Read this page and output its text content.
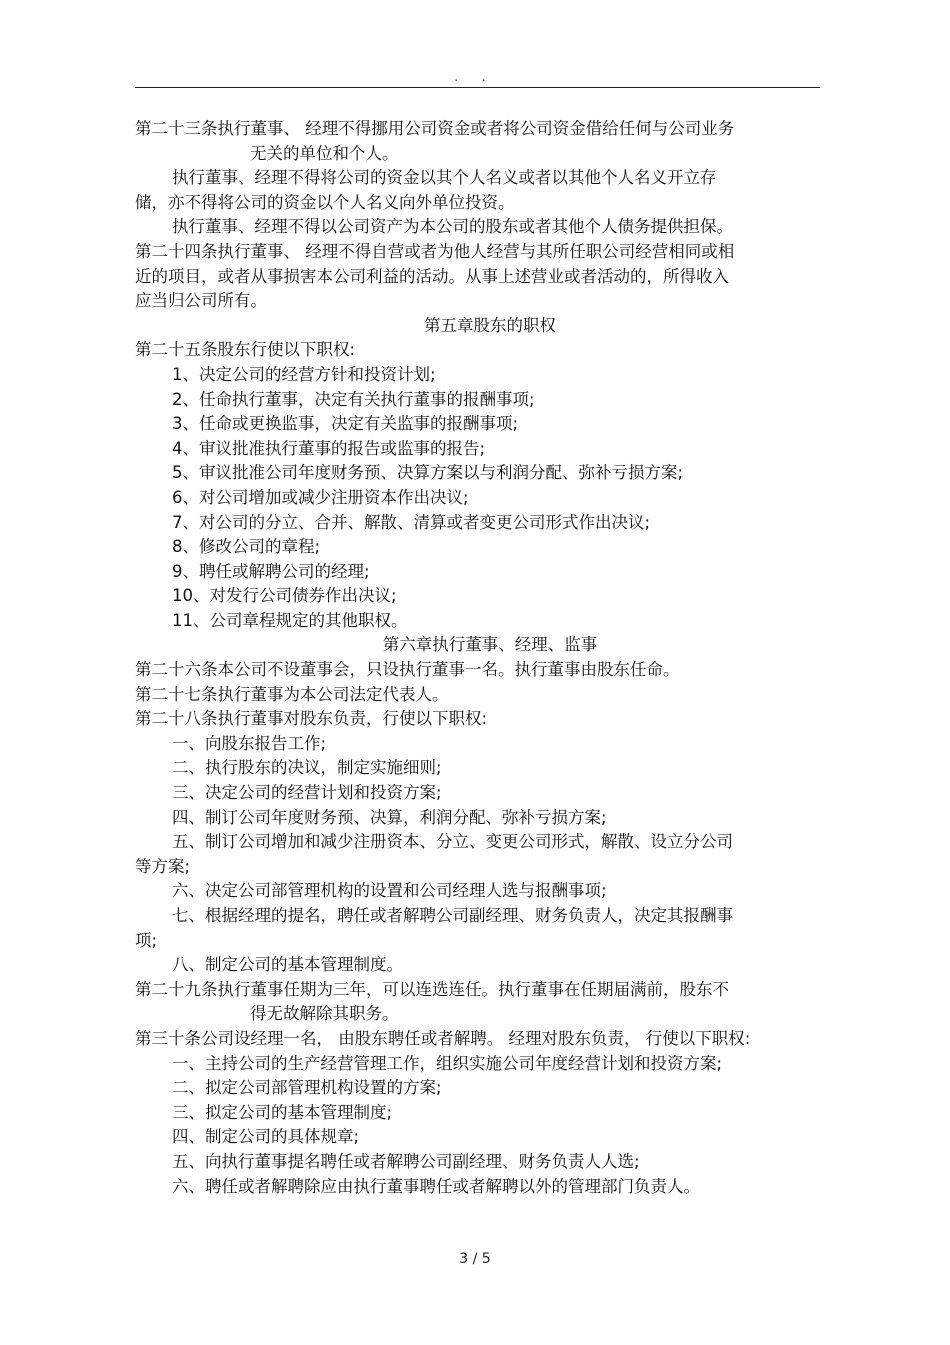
. .
第二十三条执行董事、 经理不得挪用公司资金或者将公司资金借给任何与公司业务
无关的单位和个人。
执行董事、经理不得将公司的资金以其个人名义或者以其他个人名义开立存
储，亦不得将公司的资金以个人名义向外单位投资。
执行董事、经理不得以公司资产为本公司的股东或者其他个人债务提供担保。
第二十四条执行董事、 经理不得自营或者为他人经营与其所任职公司经营相同或相
近的项目，或者从事损害本公司利益的活动。从事上述营业或者活动的，所得收入
应当归公司所有。
第五章股东的职权
第二十五条股东行使以下职权:
1、决定公司的经营方针和投资计划;
2、任命执行董事，决定有关执行董事的报酬事项;
3、任命或更换监事，决定有关监事的报酬事项;
4、审议批准执行董事的报告或监事的报告;
5、审议批准公司年度财务预、决算方案以与利润分配、弥补亏损方案;
6、对公司增加或减少注册资本作出决议;
7、对公司的分立、合并、解散、清算或者变更公司形式作出决议;
8、修改公司的章程;
9、聘任或解聘公司的经理;
10、对发行公司债券作出决议;
11、公司章程规定的其他职权。
第六章执行董事、经理、监事
第二十六条本公司不设董事会，只设执行董事一名。执行董事由股东任命。
第二十七条执行董事为本公司法定代表人。
第二十八条执行董事对股东负责，行使以下职权:
一、向股东报告工作;
二、执行股东的决议，制定实施细则;
三、决定公司的经营计划和投资方案;
四、制订公司年度财务预、决算，利润分配、弥补亏损方案;
五、制订公司增加和减少注册资本、分立、变更公司形式，解散、设立分公司
等方案;
六、决定公司部管理机构的设置和公司经理人选与报酬事项;
七、根据经理的提名，聘任或者解聘公司副经理、财务负责人，决定其报酬事
项;
八、制定公司的基本管理制度。
第二十九条执行董事任期为三年，可以连选连任。执行董事在任期届满前，股东不
得无故解除其职务。
第三十条公司设经理一名， 由股东聘任或者解聘。 经理对股东负责， 行使以下职权:
一、主持公司的生产经营管理工作，组织实施公司年度经营计划和投资方案;
二、拟定公司部管理机构设置的方案;
三、拟定公司的基本管理制度;
四、制定公司的具体规章;
五、向执行董事提名聘任或者解聘公司副经理、财务负责人人选;
六、聘任或者解聘除应由执行董事聘任或者解聘以外的管理部门负责人。
3 / 5
